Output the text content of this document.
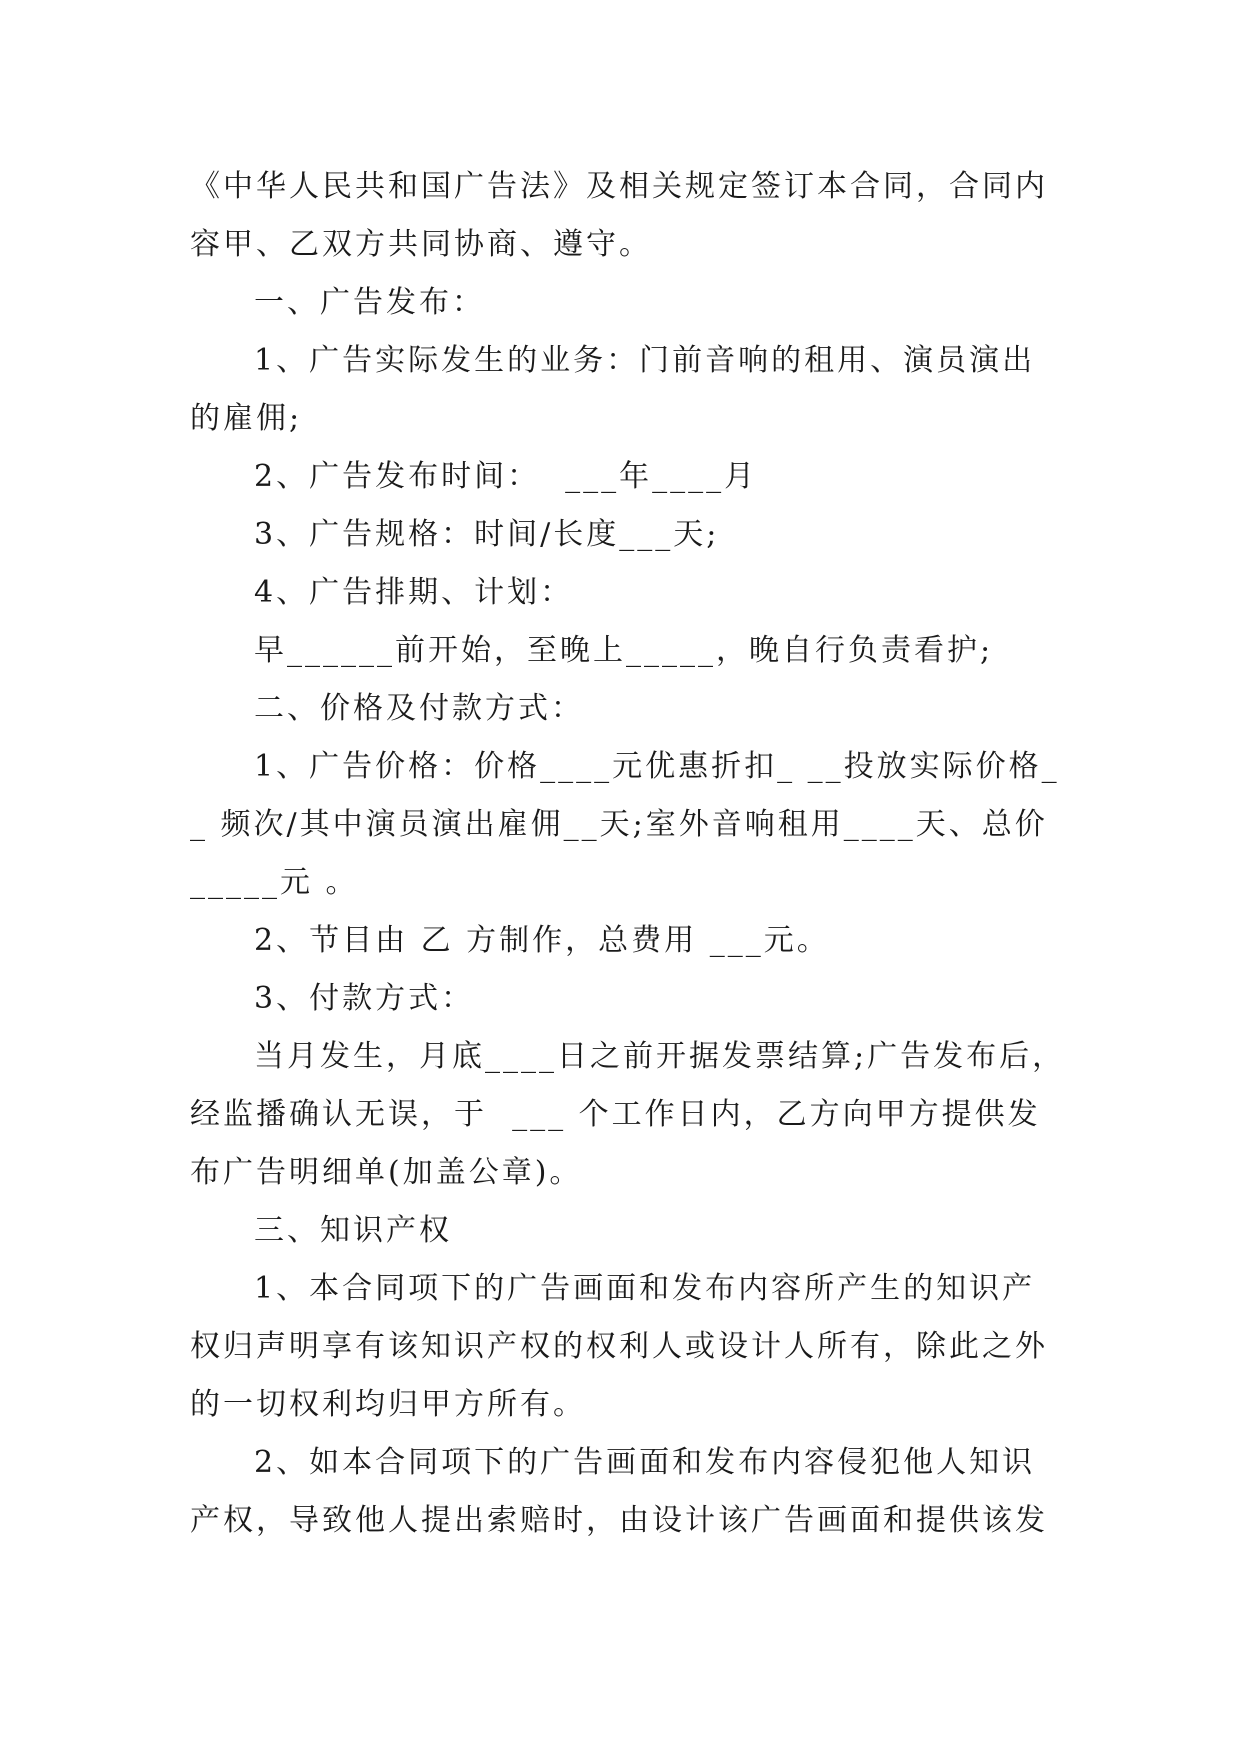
《中华人民共和国广告法》及相关规定签订本合同，合同内

容甲、乙双方共同协商、遵守。

一、广告发布：

1、广告实际发生的业务：门前音响的租用、演员演出

的雇佣;

2、广告发布时间：  ___年____月

3、广告规格：时间/长度___天;

4、广告排期、计划：

早______前开始，至晚上_____，晚自行负责看护;

二、价格及付款方式：

1、广告价格：价格____元优惠折扣_ __投放实际价格_

_ 频次/其中演员演出雇佣__天;室外音响租用____天、总价

_____元 。

2、节目由 乙 方制作，总费用 ___元。

3、付款方式：

当月发生，月底____日之前开据发票结算;广告发布后，

经监播确认无误，于  ___ 个工作日内，乙方向甲方提供发

布广告明细单(加盖公章)。

三、知识产权

1、本合同项下的广告画面和发布内容所产生的知识产

权归声明享有该知识产权的权利人或设计人所有，除此之外

的一切权利均归甲方所有。

2、如本合同项下的广告画面和发布内容侵犯他人知识

产权，导致他人提出索赔时，由设计该广告画面和提供该发
